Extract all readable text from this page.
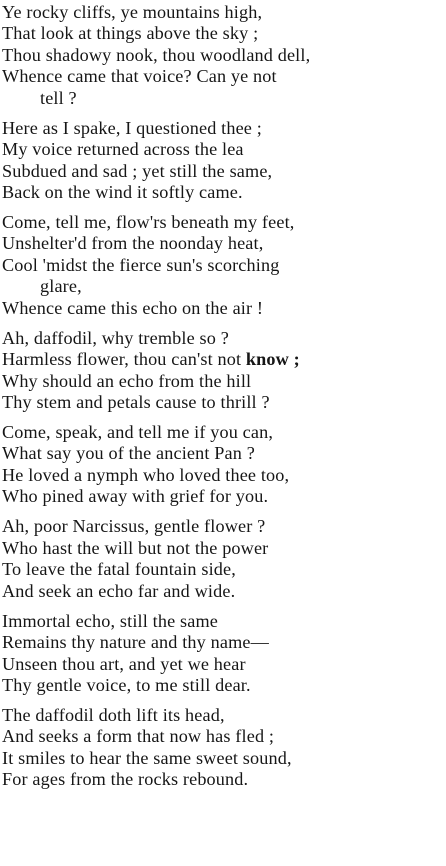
Ye rocky cliffs, ye mountains high,
That look at things above the sky ;
Thou shadowy nook, thou woodland dell,
Whence came that voice? Can ye not
tell ?
Here as I spake, I questioned thee ;
My voice returned across the lea
Subdued and sad ; yet still the same,
Back on the wind it softly came.
Come, tell me, flow'rs beneath my feet,
Unshelter'd from the noonday heat,
Cool 'midst the fierce sun's scorching
glare,
Whence came this echo on the air !
Ah, daffodil, why tremble so ?
Harmless flower, thou can'st not know ;
Why should an echo from the hill
Thy stem and petals cause to thrill ?
Come, speak, and tell me if you can,
What say you of the ancient Pan ?
He loved a nymph who loved thee too,
Who pined away with grief for you.
Ah, poor Narcissus, gentle flower ?
Who hast the will but not the power
To leave the fatal fountain side,
And seek an echo far and wide.
Immortal echo, still the same
Remains thy nature and thy name—
Unseen thou art, and yet we hear
Thy gentle voice, to me still dear.
The daffodil doth lift its head,
And seeks a form that now has fled ;
It smiles to hear the same sweet sound,
For ages from the rocks rebound.
